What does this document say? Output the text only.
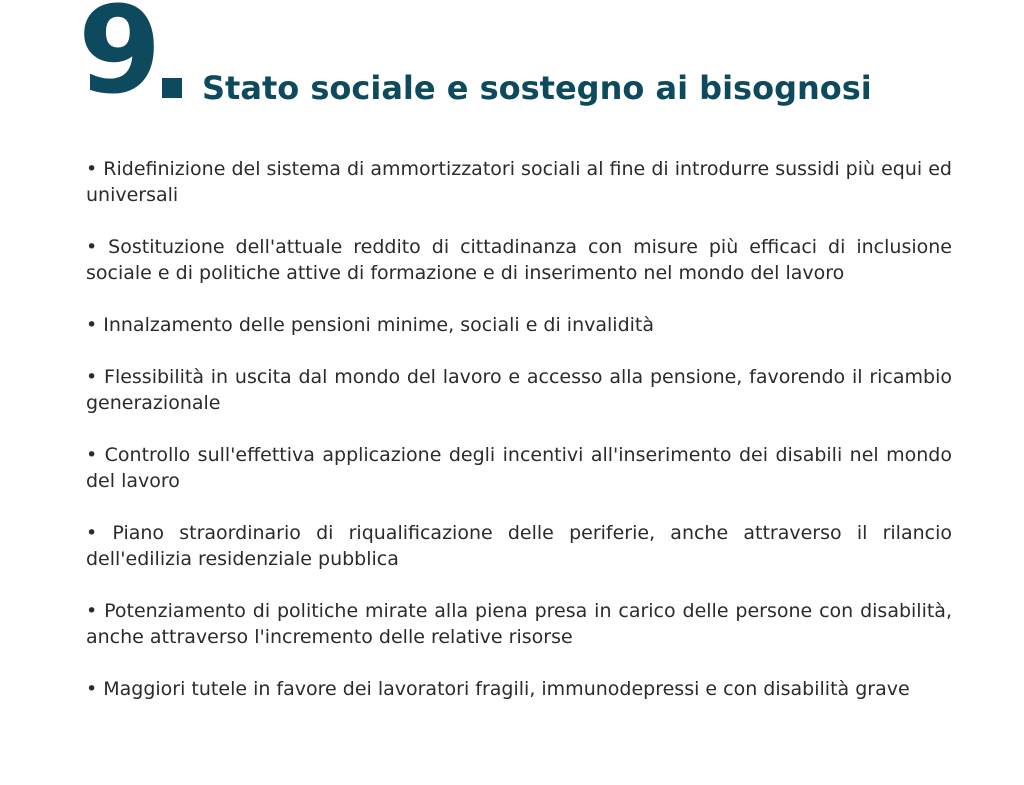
9 Stato sociale e sostegno ai bisognosi
• Ridefinizione del sistema di ammortizzatori sociali al fine di introdurre sussidi più equi ed universali
• Sostituzione dell'attuale reddito di cittadinanza con misure più efficaci di inclusione sociale e di politiche attive di formazione e di inserimento nel mondo del lavoro
• Innalzamento delle pensioni minime, sociali e di invalidità
• Flessibilità in uscita dal mondo del lavoro e accesso alla pensione, favorendo il ricambio generazionale
• Controllo sull'effettiva applicazione degli incentivi all'inserimento dei disabili nel mondo del lavoro
• Piano straordinario di riqualificazione delle periferie, anche attraverso il rilancio dell'edilizia residenziale pubblica
• Potenziamento di politiche mirate alla piena presa in carico delle persone con disabilità, anche attraverso l'incremento delle relative risorse
• Maggiori tutele in favore dei lavoratori fragili, immunodepressi e con disabilità grave
